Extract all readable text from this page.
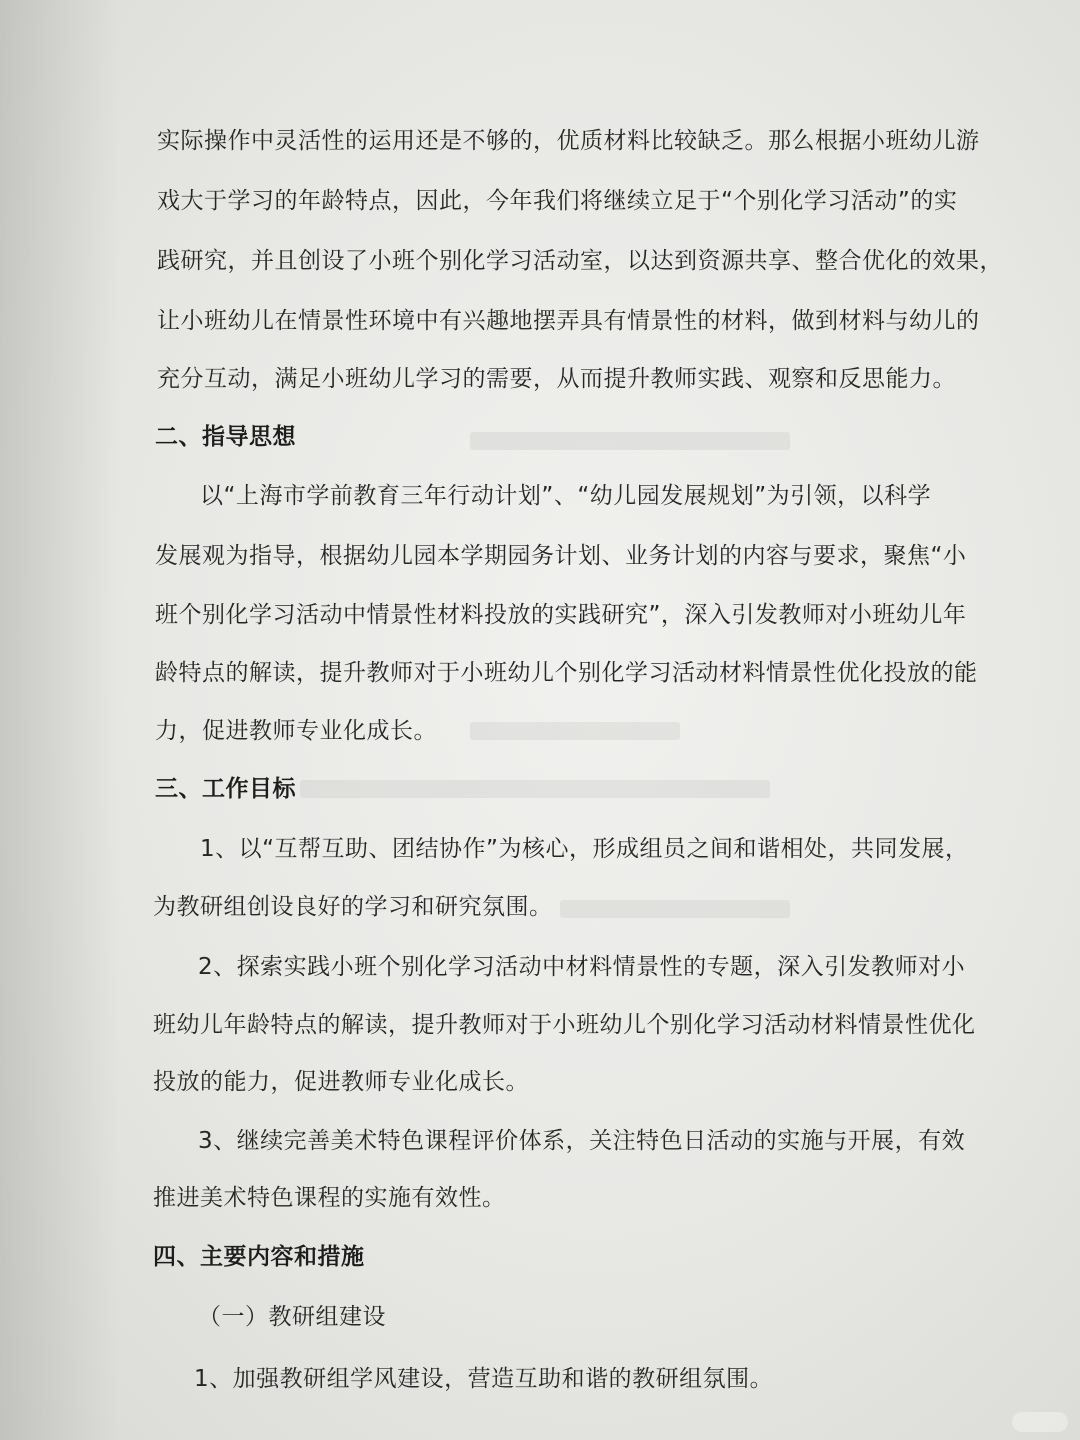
实际操作中灵活性的运用还是不够的，优质材料比较缺乏。那么根据小班幼儿游

戏大于学习的年龄特点，因此，今年我们将继续立足于“个别化学习活动”的实

践研究，并且创设了小班个别化学习活动室，以达到资源共享、整合优化的效果，

让小班幼儿在情景性环境中有兴趣地摆弄具有情景性的材料，做到材料与幼儿的

充分互动，满足小班幼儿学习的需要，从而提升教师实践、观察和反思能力。

二、指导思想

以“上海市学前教育三年行动计划”、“幼儿园发展规划”为引领，以科学

发展观为指导，根据幼儿园本学期园务计划、业务计划的内容与要求，聚焦“小

班个别化学习活动中情景性材料投放的实践研究”，深入引发教师对小班幼儿年

龄特点的解读，提升教师对于小班幼儿个别化学习活动材料情景性优化投放的能

力，促进教师专业化成长。

三、工作目标

1、以“互帮互助、团结协作”为核心，形成组员之间和谐相处，共同发展，

为教研组创设良好的学习和研究氛围。

2、探索实践小班个别化学习活动中材料情景性的专题，深入引发教师对小

班幼儿年龄特点的解读，提升教师对于小班幼儿个别化学习活动材料情景性优化

投放的能力，促进教师专业化成长。

3、继续完善美术特色课程评价体系，关注特色日活动的实施与开展，有效

推进美术特色课程的实施有效性。

四、主要内容和措施

（一）教研组建设

1、加强教研组学风建设，营造互助和谐的教研组氛围。
